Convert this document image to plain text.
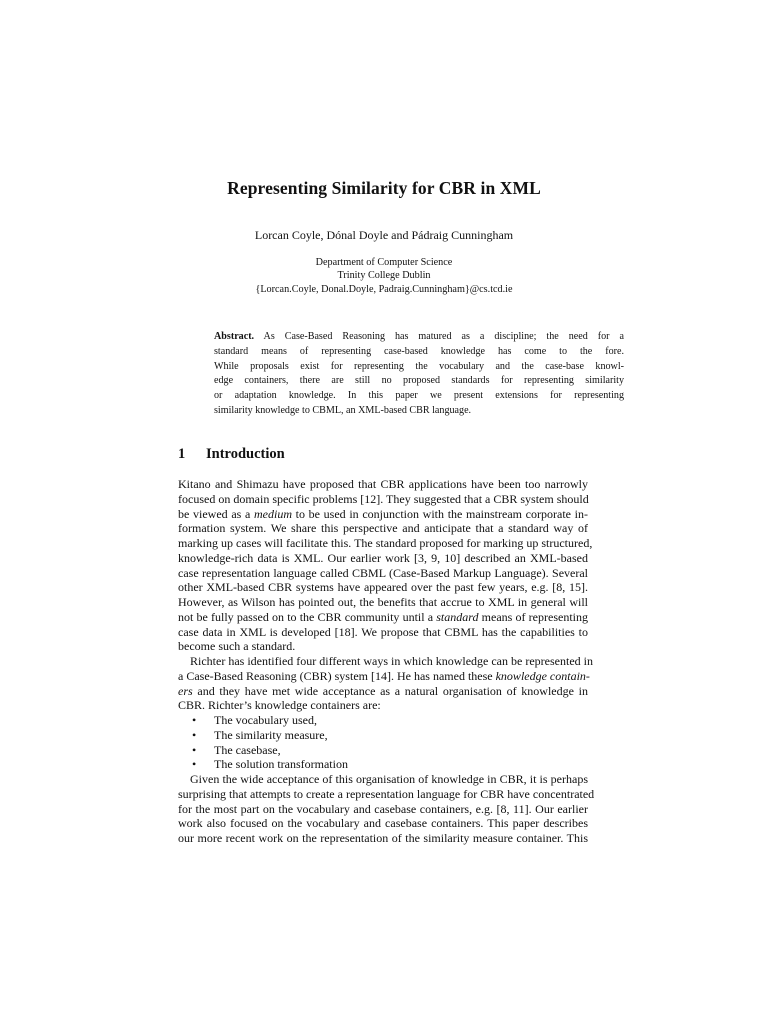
Representing Similarity for CBR in XML
Lorcan Coyle, Dónal Doyle and Pádraig Cunningham
Department of Computer Science
Trinity College Dublin
{Lorcan.Coyle, Donal.Doyle, Padraig.Cunningham}@cs.tcd.ie
Abstract. As Case-Based Reasoning has matured as a discipline; the need for a
standard means of representing case-based knowledge has come to the fore.
While proposals exist for representing the vocabulary and the case-base knowl-
edge containers, there are still no proposed standards for representing similarity
or adaptation knowledge. In this paper we present extensions for representing
similarity knowledge to CBML, an XML-based CBR language.
1 Introduction
Kitano and Shimazu have proposed that CBR applications have been too narrowly
focused on domain specific problems [12]. They suggested that a CBR system should
be viewed as a medium to be used in conjunction with the mainstream corporate in-
formation system. We share this perspective and anticipate that a standard way of
marking up cases will facilitate this. The standard proposed for marking up structured,
knowledge-rich data is XML. Our earlier work [3, 9, 10] described an XML-based
case representation language called CBML (Case-Based Markup Language). Several
other XML-based CBR systems have appeared over the past few years, e.g. [8, 15].
However, as Wilson has pointed out, the benefits that accrue to XML in general will
not be fully passed on to the CBR community until a standard means of representing
case data in XML is developed [18]. We propose that CBML has the capabilities to
become such a standard.
Richter has identified four different ways in which knowledge can be represented in
a Case-Based Reasoning (CBR) system [14]. He has named these knowledge contain-
ers and they have met wide acceptance as a natural organisation of knowledge in
CBR. Richter’s knowledge containers are:
• The vocabulary used,
• The similarity measure,
• The casebase,
• The solution transformation
Given the wide acceptance of this organisation of knowledge in CBR, it is perhaps
surprising that attempts to create a representation language for CBR have concentrated
for the most part on the vocabulary and casebase containers, e.g. [8, 11]. Our earlier
work also focused on the vocabulary and casebase containers. This paper describes
our more recent work on the representation of the similarity measure container. This
